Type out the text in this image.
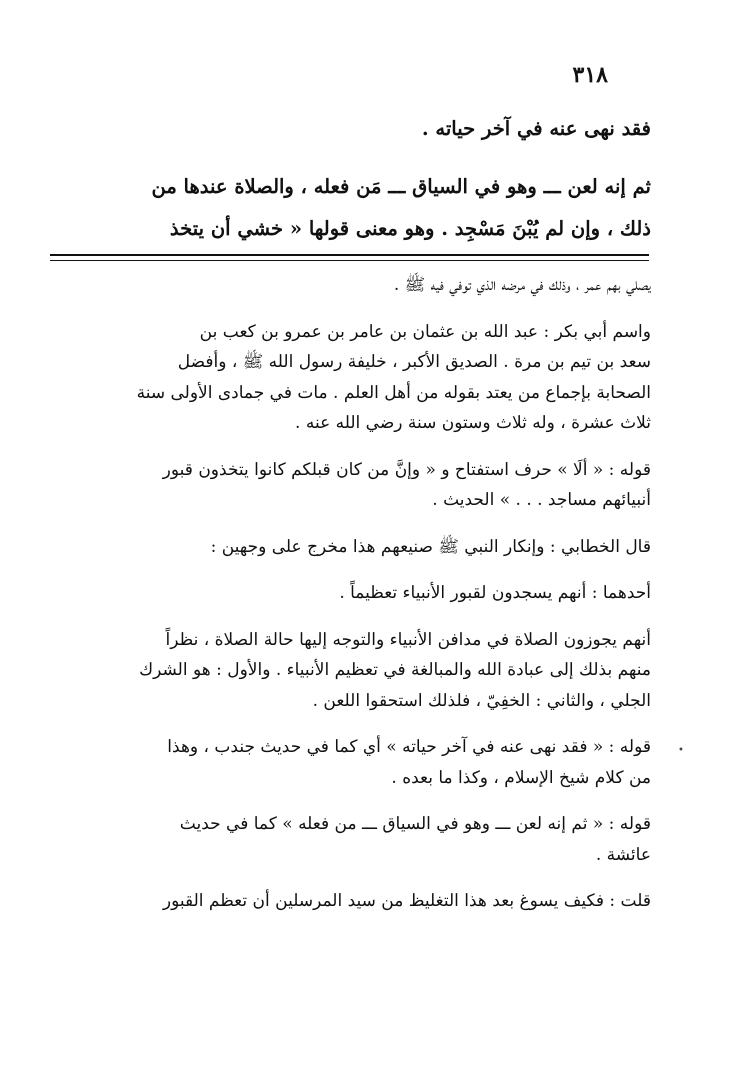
٣١٨
فقد نهى عنه في آخر حياته .
ثم إنه لعن ـــ وهو في السياق ـــ مَن فعله ، والصلاة عندها من
ذلك ، وإن لم يُبْنَ مَسْجِد . وهو معنى قولها « خشي أن يتخذ
يصلي بهم عمر ، وذلك في مرضه الذي توفي فيه ﷺ .
واسم أبي بكر : عبد الله بن عثمان بن عامر بن عمرو بن كعب بن
سعد بن تيم بن مرة . الصديق الأكبر ، خليفة رسول الله ﷺ ، وأفضل
الصحابة بإجماع من يعتد بقوله من أهل العلم . مات في جمادى الأولى سنة
ثلاث عشرة ، وله ثلاث وستون سنة رضي الله عنه .
قوله : « ألَا » حرف استفتاح و « وإنَّ من كان قبلكم كانوا يتخذون قبور
أنبيائهم مساجد . . . » الحديث .
قال الخطابي : وإنكار النبي ﷺ صنيعهم هذا مخرج على وجهين :
أحدهما : أنهم يسجدون لقبور الأنبياء تعظيماً .
أنهم يجوزون الصلاة في مدافن الأنبياء والتوجه إليها حالة الصلاة ، نظراً
منهم بذلك إلى عبادة الله والمبالغة في تعظيم الأنبياء . والأول : هو الشرك
الجلي ، والثاني : الخفِيّ ، فلذلك استحقوا اللعن .
قوله : « فقد نهى عنه في آخر حياته » أي كما في حديث جندب ، وهذا
من كلام شيخ الإسلام ، وكذا ما بعده .
قوله : « ثم إنه لعن ـــ وهو في السياق ـــ من فعله » كما في حديث
عائشة .
قلت : فكيف يسوغ بعد هذا التغليظ من سيد المرسلين أن تعظم القبور
•
